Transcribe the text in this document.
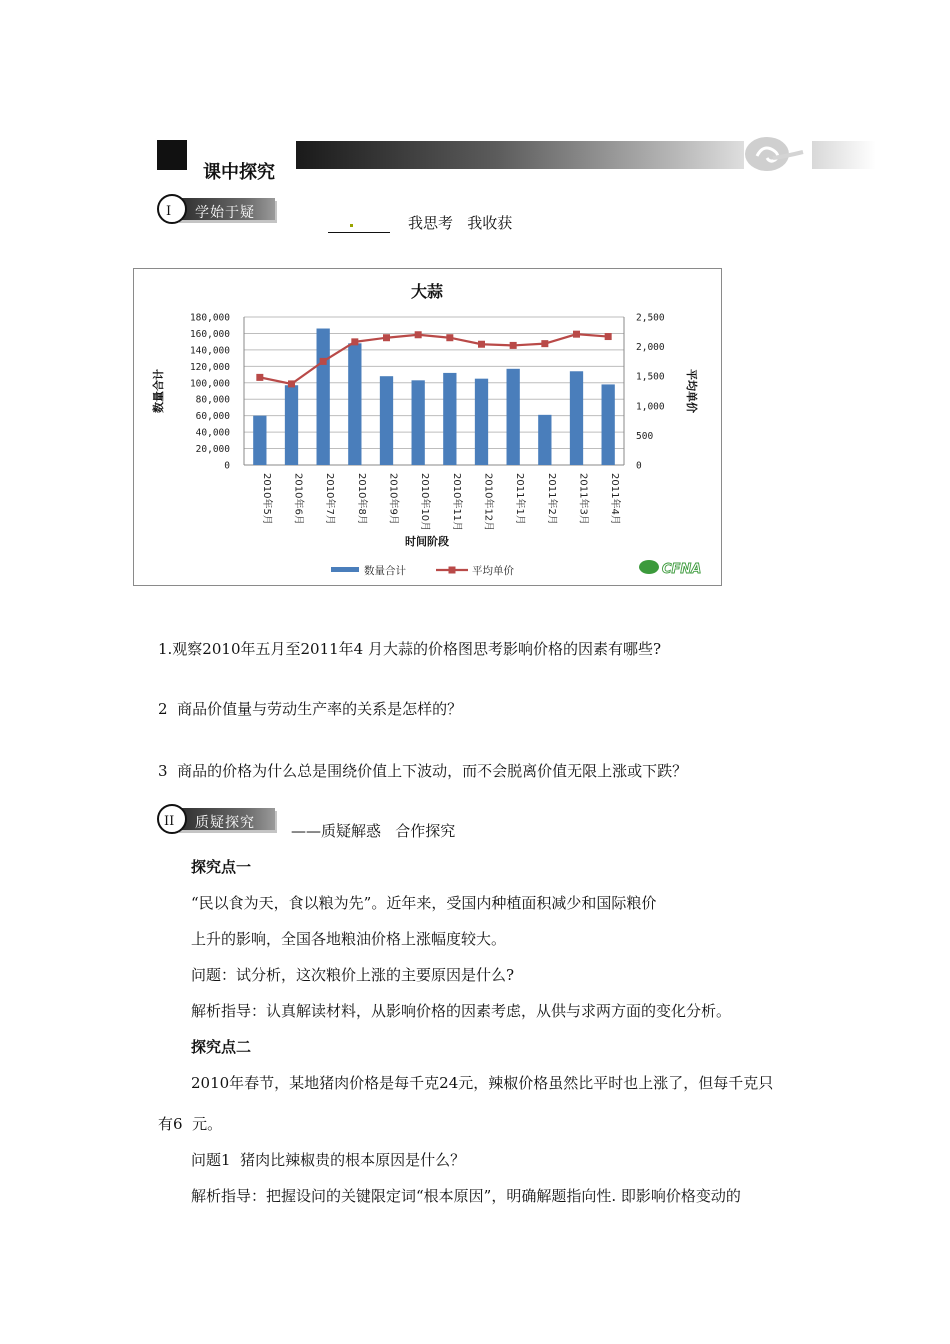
课中探究
学始于疑
I
我思考   我收获
大蒜
0
20,000
40,000
60,000
80,000
100,000
120,000
140,000
160,000
180,000
0
500
1,000
1,500
2,000
2,500
2010年5月 2010年6月 2010年7月 2010年8月 2010年9月 2010年10月 2010年11月 2010年12月 2011年1月 2011年2月 2011年3月 2011年4月
时间阶段
数量合计	平均单价
数量合计	平均单价	CFNA
1.观察2010年五月至2011年4 月大蒜的价格图思考影响价格的因素有哪些?
2  商品价值量与劳动生产率的关系是怎样的？
3  商品的价格为什么总是围绕价值上下波动，而不会脱离价值无限上涨或下跌？
质疑探究
II
——质疑解惑   合作探究
探究点一
“民以食为天，食以粮为先”。近年来，受国内种植面积减少和国际粮价
上升的影响，全国各地粮油价格上涨幅度较大。
问题：试分析，这次粮价上涨的主要原因是什么?
解析指导：认真解读材料，从影响价格的因素考虑，从供与求两方面的变化分析。
探究点二
2010年春节，某地猪肉价格是每千克24元，辣椒价格虽然比平时也上涨了，但每千克只
有6  元。
问题1  猪肉比辣椒贵的根本原因是什么？
解析指导：把握设问的关键限定词“根本原因”，明确解题指向性. 即影响价格变动的
